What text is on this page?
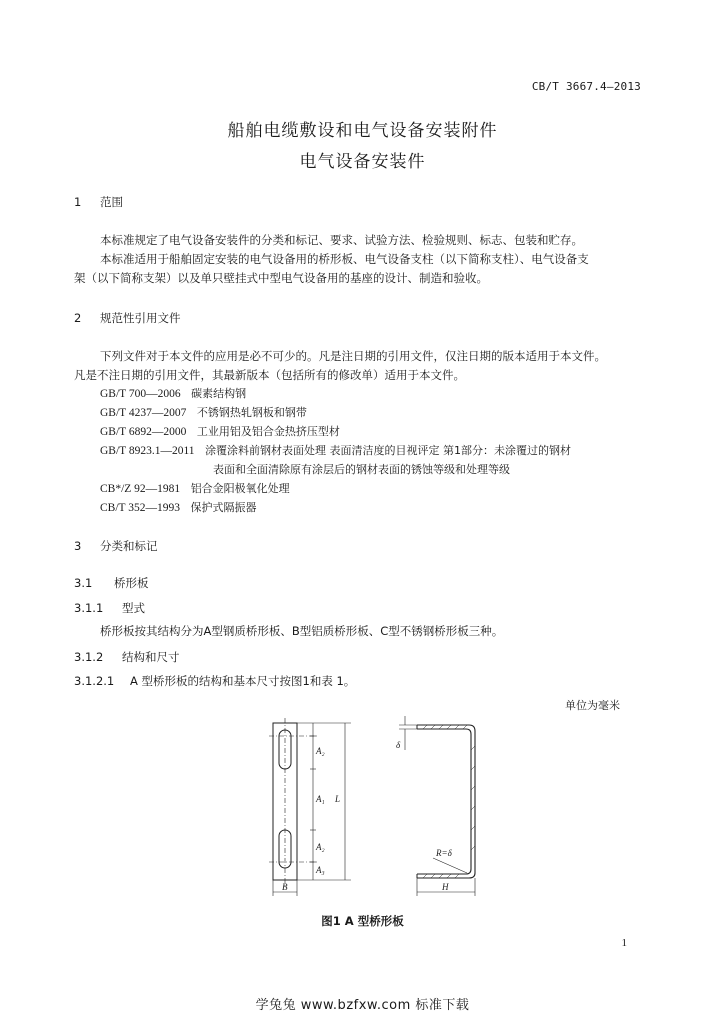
CB/T 3667.4—2013
船舶电缆敷设和电气设备安装附件
电气设备安装件
1 范围
本标准规定了电气设备安装件的分类和标记、要求、试验方法、检验规则、标志、包装和贮存。
本标准适用于船舶固定安装的电气设备用的桥形板、电气设备支柱（以下简称支柱）、电气设备支
架（以下简称支架）以及单只壁挂式中型电气设备用的基座的设计、制造和验收。
2 规范性引用文件
下列文件对于本文件的应用是必不可少的。凡是注日期的引用文件，仅注日期的版本适用于本文件。
凡是不注日期的引用文件，其最新版本（包括所有的修改单）适用于本文件。
GB/T 700—2006 碳素结构钢
GB/T 4237—2007 不锈钢热轧钢板和钢带
GB/T 6892—2000 工业用铝及铝合金热挤压型材
GB/T 8923.1—2011 涂覆涂料前钢材表面处理 表面清洁度的目视评定 第1部分：未涂覆过的钢材
表面和全面清除原有涂层后的钢材表面的锈蚀等级和处理等级
CB*/Z 92—1981 铝合金阳极氧化处理
CB/T 352—1993 保护式隔振器
3 分类和标记
3.1 桥形板
3.1.1 型式
桥形板按其结构分为A型钢质桥形板、B型铝质桥形板、C型不锈钢桥形板三种。
3.1.2 结构和尺寸
3.1.2.1 A 型桥形板的结构和基本尺寸按图1和表 1。
单位为毫米
A₂
A₁ L
A₂
A₃
B
δ
R=δ
H
图1 A 型桥形板
1
学兔兔 www.bzfxw.com 标准下载
